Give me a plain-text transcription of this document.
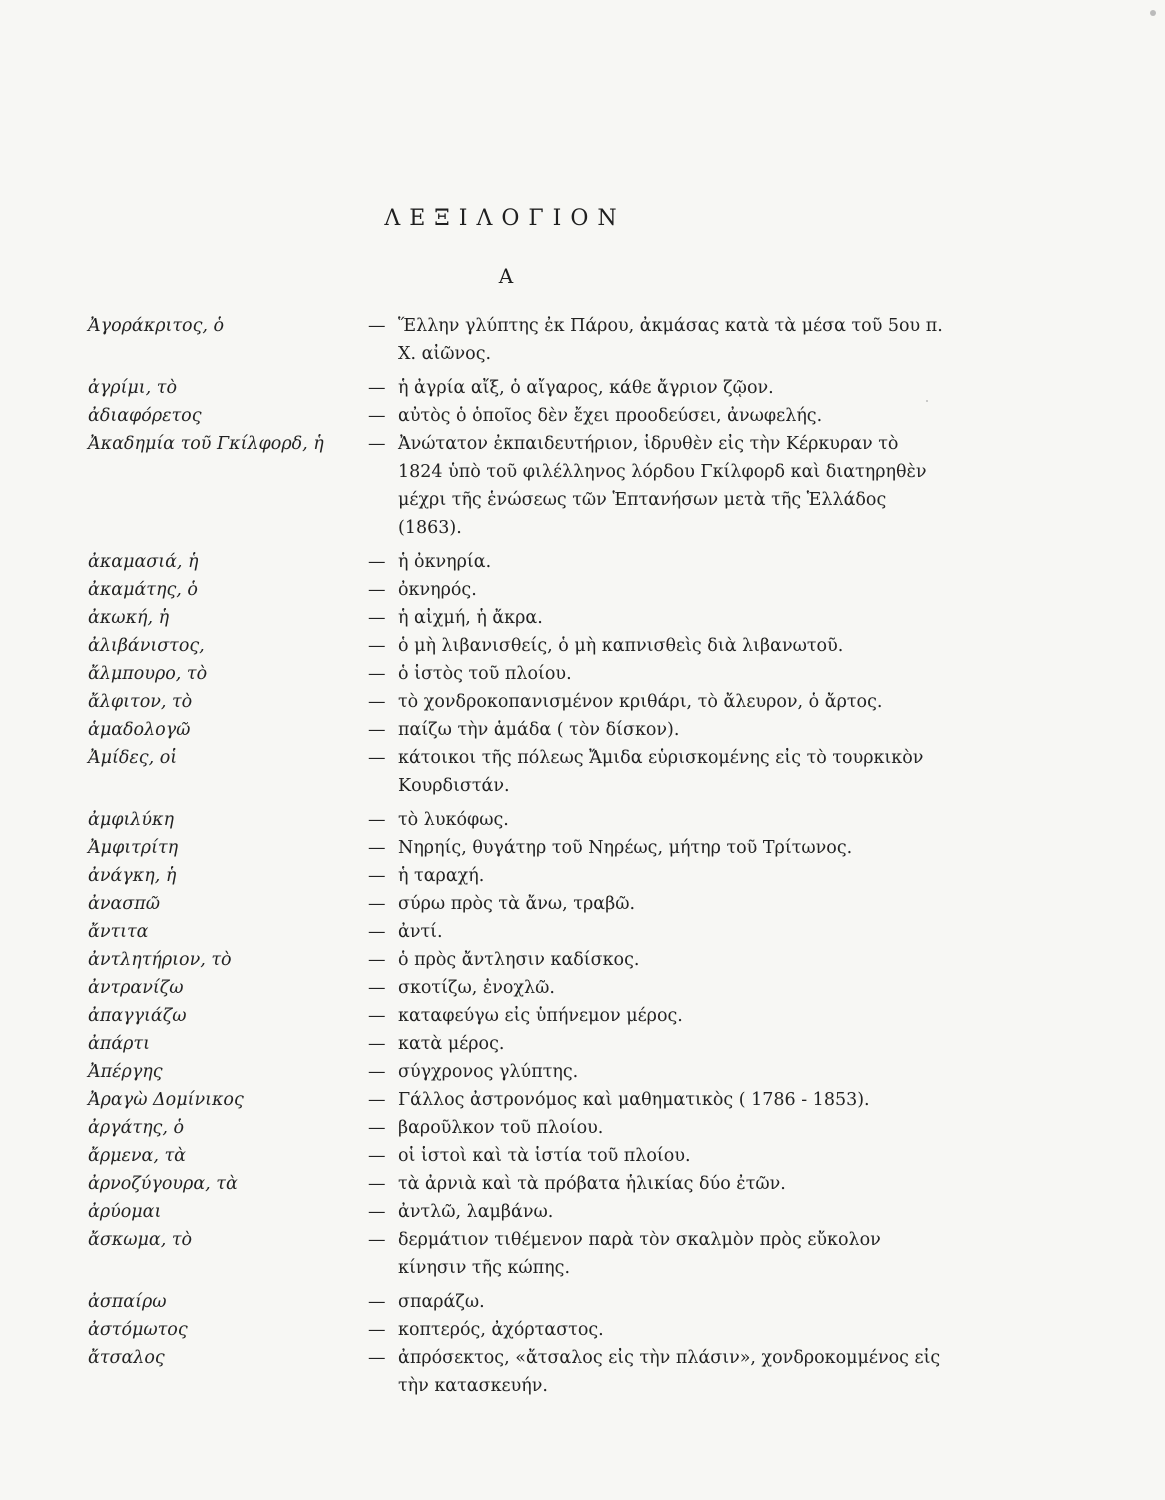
ΛΕΞΙΛΟΓΙΟΝ
Α
Ἀγοράκριτος, ὁ	— Ἕλλην γλύπτης ἐκ Πάρου, ἀκμάσας κατὰ τὰ μέσα τοῦ 5ου π. Χ. αἰῶνος.
ἀγρίμι, τὸ	— ἡ ἀγρία αἴξ, ὁ αἴγαρος, κάθε ἄγριον ζῷον.
ἀδιαφόρετος	— αὐτὸς ὁ ὁποῖος δὲν ἔχει προοδεύσει, ἀνωφελής.
Ἀκαδημία τοῦ Γκίλφορδ, ἡ	— Ἀνώτατον ἐκπαιδευτήριον, ἱδρυθὲν εἰς τὴν Κέρκυραν τὸ 1824 ὑπὸ τοῦ φιλέλληνος λόρδου Γκίλφορδ καὶ διατηρηθὲν μέχρι τῆς ἑνώσεως τῶν Ἑπτανήσων μετὰ τῆς Ἑλλάδος (1863).
ἀκαμασιά, ἡ	— ἡ ὀκνηρία.
ἀκαμάτης, ὁ	— ὀκνηρός.
ἀκωκή, ἡ	— ἡ αἰχμή, ἡ ἄκρα.
ἀλιβάνιστος,	— ὁ μὴ λιβανισθείς, ὁ μὴ καπνισθεὶς διὰ λιβανωτοῦ.
ἄλμπουρο, τὸ	— ὁ ἱστὸς τοῦ πλοίου.
ἄλφιτον, τὸ	— τὸ χονδροκοπανισμένον κριθάρι, τὸ ἄλευρον, ὁ ἄρτος.
ἁμαδολογῶ	— παίζω τὴν ἁμάδα ( τὸν δίσκον).
Ἀμίδες, οἱ	— κάτοικοι τῆς πόλεως Ἄμιδα εὑρισκομένης εἰς τὸ τουρκικὸν Κουρδιστάν.
ἀμφιλύκη	— τὸ λυκόφως.
Ἀμφιτρίτη	— Νηρηίς, θυγάτηρ τοῦ Νηρέως, μήτηρ τοῦ Τρίτωνος.
ἀνάγκη, ἡ	— ἡ ταραχή.
ἀνασπῶ	— σύρω πρὸς τὰ ἄνω, τραβῶ.
ἄντιτα	— ἀντί.
ἀντλητήριον, τὸ	— ὁ πρὸς ἄντλησιν καδίσκος.
ἀντρανίζω	— σκοτίζω, ἐνοχλῶ.
ἀπαγγιάζω	— καταφεύγω εἰς ὑπήνεμον μέρος.
ἀπάρτι	— κατὰ μέρος.
Ἀπέργης	— σύγχρονος γλύπτης.
Ἀραγὼ Δομίνικος	— Γάλλος ἀστρονόμος καὶ μαθηματικὸς ( 1786 - 1853).
ἀργάτης, ὁ	— βαροῦλκον τοῦ πλοίου.
ἄρμενα, τὰ	— οἱ ἱστοὶ καὶ τὰ ἱστία τοῦ πλοίου.
ἀρνοζύγουρα, τὰ	— τὰ ἀρνιὰ καὶ τὰ πρόβατα ἡλικίας δύο ἐτῶν.
ἀρύομαι	— ἀντλῶ, λαμβάνω.
ἄσκωμα, τὸ	— δερμάτιον τιθέμενον παρὰ τὸν σκαλμὸν πρὸς εὔκολον κίνησιν τῆς κώπης.
ἀσπαίρω	— σπαράζω.
ἀστόμωτος	— κοπτερός, ἀχόρταστος.
ἄτσαλος	— ἀπρόσεκτος, «ἄτσαλος εἰς τὴν πλάσιν», χονδροκομμένος εἰς τὴν κατασκευήν.
